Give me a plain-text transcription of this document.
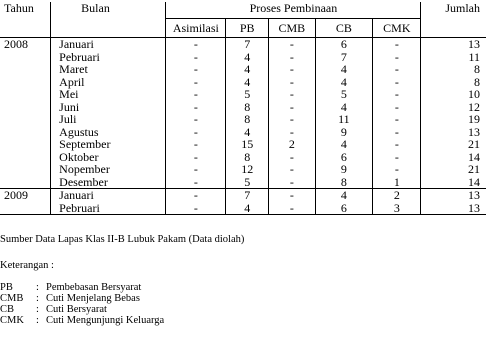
Tahun	Bulan	Proses Pembinaan					Jumlah
		Asimilasi	PB	CMB	CB	CMK	
2008	Januari	-	7	-	6	-	13
	Pebruari	-	4	-	7	-	11
	Maret	-	4	-	4	-	8
	April	-	4	-	4	-	8
	Mei	-	5	-	5	-	10
	Juni	-	8	-	4	-	12
	Juli	-	8	-	11	-	19
	Agustus	-	4	-	9	-	13
	September	-	15	2	4	-	21
	Oktober	-	8	-	6	-	14
	Nopember	-	12	-	9	-	21
	Desember	-	5	-	8	1	14
2009	Januari	-	7	-	4	2	13
	Pebruari	-	4	-	6	3	13
Sumber Data Lapas Klas II-B Lubuk Pakam (Data diolah)
Keterangan :
PB	: Pembebasan Bersyarat
CMB	: Cuti Menjelang Bebas
CB	: Cuti Bersyarat
CMK	: Cuti Mengunjungi Keluarga
